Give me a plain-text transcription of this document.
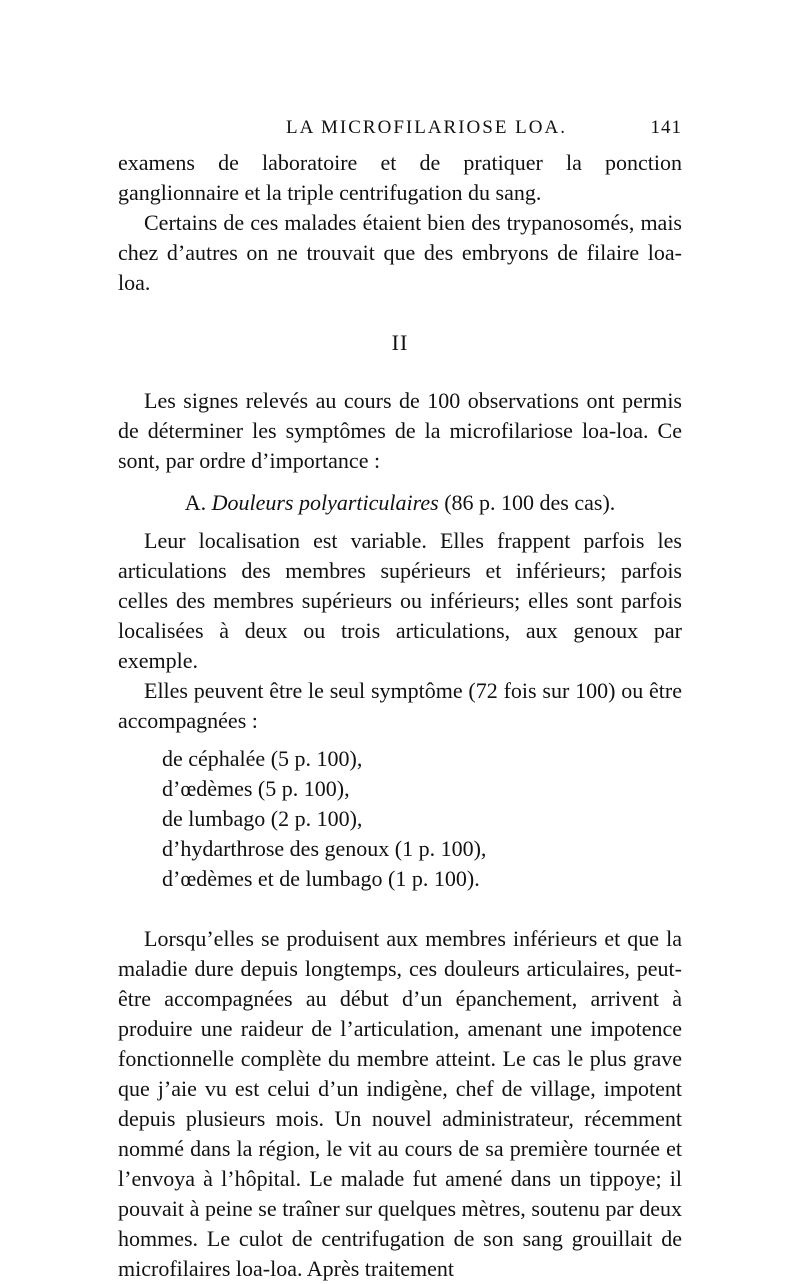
LA MICROFILARIOSE LOA.	141

examens de laboratoire et de pratiquer la ponction ganglionnaire et la triple centrifugation du sang.

Certains de ces malades étaient bien des trypanosomés, mais chez d’autres on ne trouvait que des embryons de filaire loa-loa.

II

Les signes relevés au cours de 100 observations ont permis de déterminer les symptômes de la microfilariose loa-loa. Ce sont, par ordre d’importance :

A. Douleurs polyarticulaires (86 p. 100 des cas).

Leur localisation est variable. Elles frappent parfois les articulations des membres supérieurs et inférieurs; parfois celles des membres supérieurs ou inférieurs; elles sont parfois localisées à deux ou trois articulations, aux genoux par exemple.

Elles peuvent être le seul symptôme (72 fois sur 100) ou être accompagnées :

de céphalée (5 p. 100),
d’œdèmes (5 p. 100),
de lumbago (2 p. 100),
d’hydarthrose des genoux (1 p. 100),
d’œdèmes et de lumbago (1 p. 100).

Lorsqu’elles se produisent aux membres inférieurs et que la maladie dure depuis longtemps, ces douleurs articulaires, peut-être accompagnées au début d’un épanchement, arrivent à produire une raideur de l’articulation, amenant une impotence fonctionnelle complète du membre atteint. Le cas le plus grave que j’aie vu est celui d’un indigène, chef de village, impotent depuis plusieurs mois. Un nouvel administrateur, récemment nommé dans la région, le vit au cours de sa première tournée et l’envoya à l’hôpital. Le malade fut amené dans un tippoye; il pouvait à peine se traîner sur quelques mètres, soutenu par deux hommes. Le culot de centrifugation de son sang grouillait de microfilaires loa-loa. Après traitement
